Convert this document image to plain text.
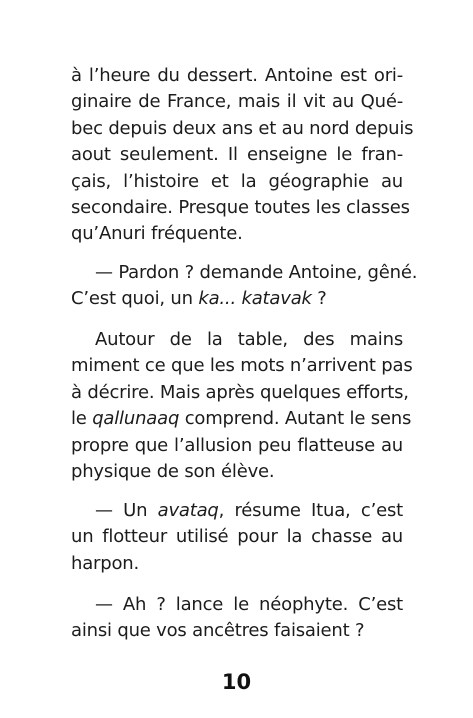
à l’heure du dessert. Antoine est ori-
ginaire de France, mais il vit au Qué-
bec depuis deux ans et au nord depuis
aout seulement. Il enseigne le fran-
çais, l’histoire et la géographie au
secondaire. Presque toutes les classes
qu’Anuri fréquente.
— Pardon ? demande Antoine, gêné.
C’est quoi, un ka... katavak ?
Autour de la table, des mains
miment ce que les mots n’arrivent pas
à décrire. Mais après quelques efforts,
le qallunaaq comprend. Autant le sens
propre que l’allusion peu flatteuse au
physique de son élève.
— Un avataq, résume Itua, c’est
un flotteur utilisé pour la chasse au
harpon.
— Ah ? lance le néophyte. C’est
ainsi que vos ancêtres faisaient ?
10
